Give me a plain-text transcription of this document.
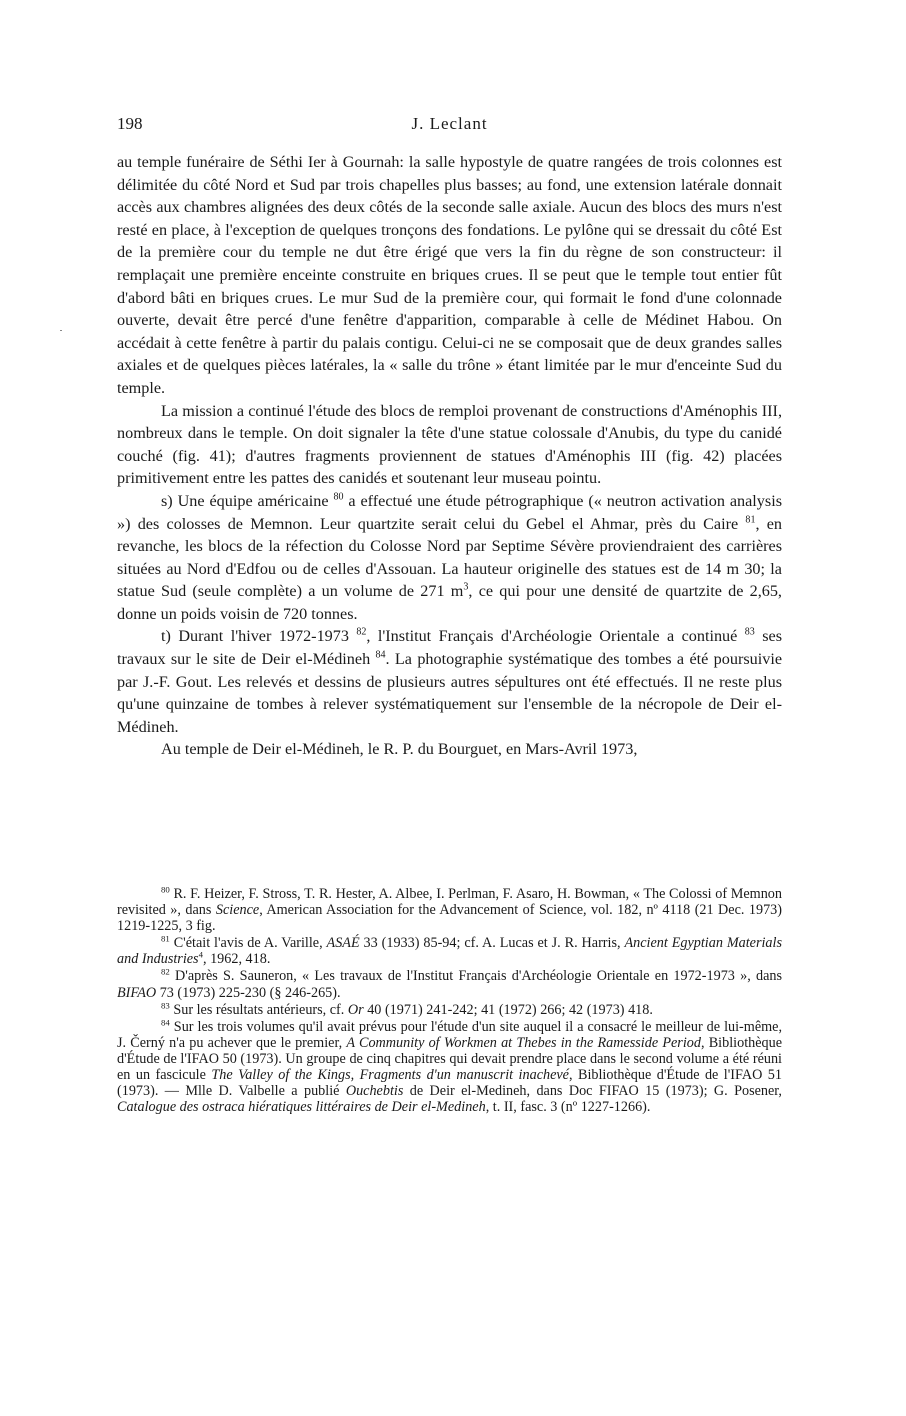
198	J. Leclant

au temple funéraire de Séthi Ier à Gournah: la salle hypostyle de quatre rangées de trois colonnes est délimitée du côté Nord et Sud par trois chapelles plus basses; au fond, une extension latérale donnait accès aux chambres alignées des deux côtés de la seconde salle axiale. Aucun des blocs des murs n'est resté en place, à l'exception de quelques tronçons des fondations. Le pylône qui se dressait du côté Est de la première cour du temple ne dut être érigé que vers la fin du règne de son constructeur: il remplaçait une première enceinte construite en briques crues. Il se peut que le temple tout entier fût d'abord bâti en briques crues. Le mur Sud de la première cour, qui formait le fond d'une colonnade ouverte, devait être percé d'une fenêtre d'apparition, comparable à celle de Médinet Habou. On accédait à cette fenêtre à partir du palais contigu. Celui-ci ne se composait que de deux grandes salles axiales et de quelques pièces latérales, la « salle du trône » étant limitée par le mur d'enceinte Sud du temple.

La mission a continué l'étude des blocs de remploi provenant de constructions d'Aménophis III, nombreux dans le temple. On doit signaler la tête d'une statue colossale d'Anubis, du type du canidé couché (fig. 41); d'autres fragments proviennent de statues d'Aménophis III (fig. 42) placées primitivement entre les pattes des canidés et soutenant leur museau pointu.

s) Une équipe américaine $^{80}$ a effectué une étude pétrographique (« neutron activation analysis ») des colosses de Memnon. Leur quartzite serait celui du Gebel el Ahmar, près du Caire $^{81}$, en revanche, les blocs de la réfection du Colosse Nord par Septime Sévère proviendraient des carrières situées au Nord d'Edfou ou de celles d'Assouan. La hauteur originelle des statues est de 14 m 30; la statue Sud (seule complète) a un volume de 271 $m^3$, ce qui pour une densité de quartzite de 2,65, donne un poids voisin de 720 tonnes.

t) Durant l'hiver 1972-1973 $^{82}$, l'Institut Français d'Archéologie Orientale a continué $^{83}$ ses travaux sur le site de Deir el-Médineh $^{84}$. La photographie systématique des tombes a été poursuivie par J.-F. Gout. Les relevés et dessins de plusieurs autres sépultures ont été effectués. Il ne reste plus qu'une quinzaine de tombes à relever systématiquement sur l'ensemble de la nécropole de Deir el-Médineh.

Au temple de Deir el-Médineh, le R. P. du Bourguet, en Mars-Avril 1973,

$^{80}$ R. F. Heizer, F. Stross, T. R. Hester, A. Albee, I. Perlman, F. Asaro, H. Bowman, « The Colossi of Memnon revisited », dans Science, American Association for the Advancement of Science, vol. 182, nº 4118 (21 Dec. 1973) 1219-1225, 3 fig.

$^{81}$ C'était l'avis de A. Varille, ASAÉ 33 (1933) 85-94; cf. A. Lucas et J. R. Harris, Ancient Egyptian Materials and Industries$^4$, 1962, 418.

$^{82}$ D'après S. Sauneron, « Les travaux de l'Institut Français d'Archéologie Orientale en 1972-1973 », dans BIFAO 73 (1973) 225-230 (§ 246-265).

$^{83}$ Sur les résultats antérieurs, cf. Or 40 (1971) 241-242; 41 (1972) 266; 42 (1973) 418.

$^{84}$ Sur les trois volumes qu'il avait prévus pour l'étude d'un site auquel il a consacré le meilleur de lui-même, J. Černý n'a pu achever que le premier, A Community of Workmen at Thebes in the Ramesside Period, Bibliothèque d'Étude de l'IFAO 50 (1973). Un groupe de cinq chapitres qui devait prendre place dans le second volume a été réuni en un fascicule The Valley of the Kings, Fragments d'un manuscrit inachevé, Bibliothèque d'Étude de l'IFAO 51 (1973). — Mlle D. Valbelle a publié Ouchebtis de Deir el-Medineh, dans Doc FIFAO 15 (1973); G. Posener, Catalogue des ostraca hiératiques littéraires de Deir el-Medineh, t. II, fasc. 3 (nº 1227-1266).
